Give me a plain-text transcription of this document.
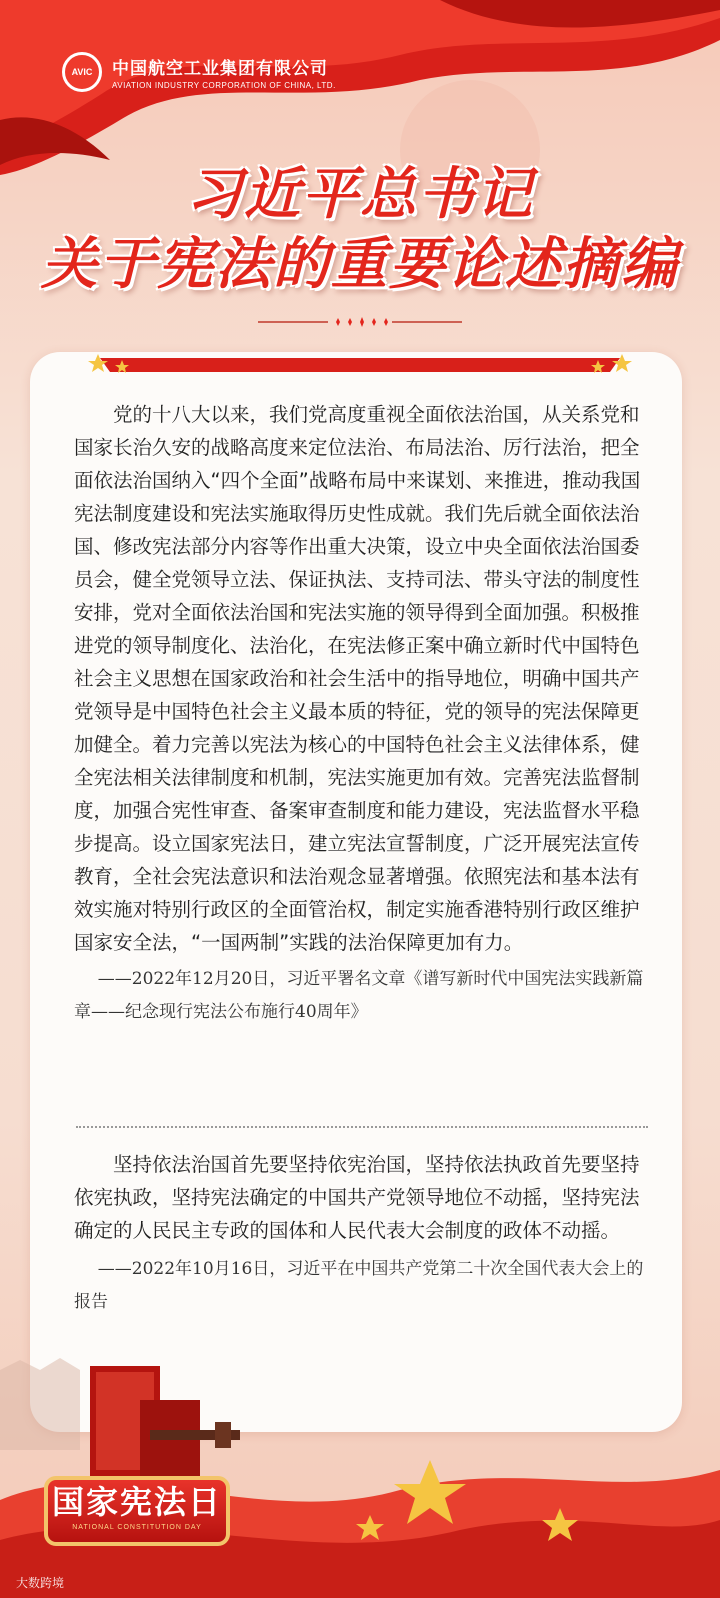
AVIC	中国航空工业集团有限公司
AVIATION INDUSTRY CORPORATION OF CHINA, LTD.
习近平总书记
关于宪法的重要论述摘编

党的十八大以来，我们党高度重视全面依法治国，从关系党和国家长治久安的战略高度来定位法治、布局法治、厉行法治，把全面依法治国纳入“四个全面”战略布局中来谋划、来推进，推动我国宪法制度建设和宪法实施取得历史性成就。我们先后就全面依法治国、修改宪法部分内容等作出重大决策，设立中央全面依法治国委员会，健全党领导立法、保证执法、支持司法、带头守法的制度性安排，党对全面依法治国和宪法实施的领导得到全面加强。积极推进党的领导制度化、法治化，在宪法修正案中确立新时代中国特色社会主义思想在国家政治和社会生活中的指导地位，明确中国共产党领导是中国特色社会主义最本质的特征，党的领导的宪法保障更加健全。着力完善以宪法为核心的中国特色社会主义法律体系，健全宪法相关法律制度和机制，宪法实施更加有效。完善宪法监督制度，加强合宪性审查、备案审查制度和能力建设，宪法监督水平稳步提高。设立国家宪法日，建立宪法宣誓制度，广泛开展宪法宣传教育，全社会宪法意识和法治观念显著增强。依照宪法和基本法有效实施对特别行政区的全面管治权，制定实施香港特别行政区维护国家安全法，“一国两制”实践的法治保障更加有力。

——2022年12月20日，习近平署名文章《谱写新时代中国宪法实践新篇章——纪念现行宪法公布施行40周年》

坚持依法治国首先要坚持依宪治国，坚持依法执政首先要坚持依宪执政，坚持宪法确定的中国共产党领导地位不动摇，坚持宪法确定的人民民主专政的国体和人民代表大会制度的政体不动摇。

——2022年10月16日，习近平在中国共产党第二十次全国代表大会上的报告

国家宪法日
NATIONAL CONSTITUTION DAY
大数跨境
